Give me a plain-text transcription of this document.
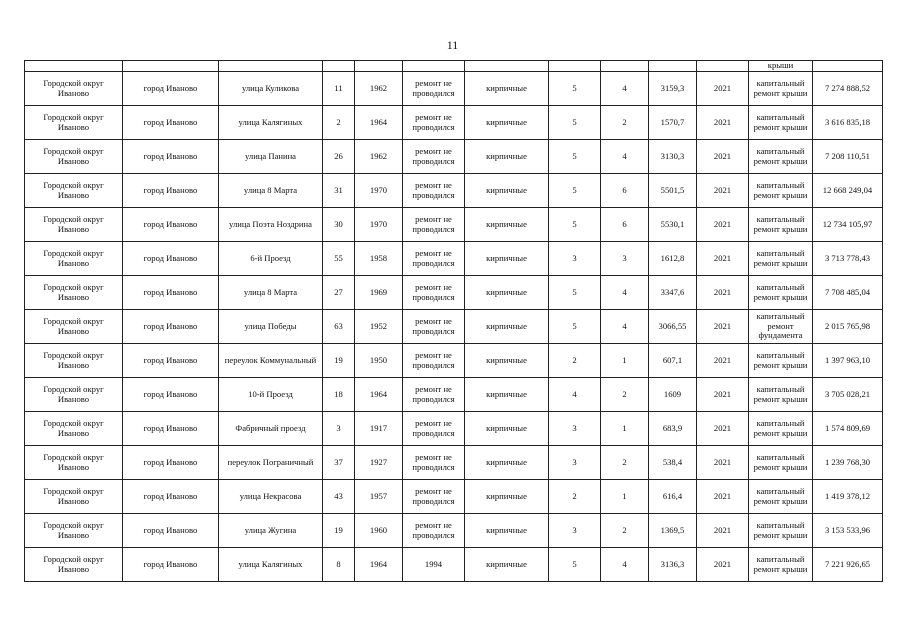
11
											крыши	
Городской округ Иваново	город Иваново	улица Куликова	11	1962	ремонт не проводился	кирпичные	5	4	3159,3	2021	капитальный ремонт крыши	7 274 888,52
Городской округ Иваново	город Иваново	улица Калягиных	2	1964	ремонт не проводился	кирпичные	5	2	1570,7	2021	капитальный ремонт крыши	3 616 835,18
Городской округ Иваново	город Иваново	улица Панина	26	1962	ремонт не проводился	кирпичные	5	4	3130,3	2021	капитальный ремонт крыши	7 208 110,51
Городской округ Иваново	город Иваново	улица 8 Марта	31	1970	ремонт не проводился	кирпичные	5	6	5501,5	2021	капитальный ремонт крыши	12 668 249,04
Городской округ Иваново	город Иваново	улица Поэта Ноздрина	30	1970	ремонт не проводился	кирпичные	5	6	5530,1	2021	капитальный ремонт крыши	12 734 105,97
Городской округ Иваново	город Иваново	6-й Проезд	55	1958	ремонт не проводился	кирпичные	3	3	1612,8	2021	капитальный ремонт крыши	3 713 778,43
Городской округ Иваново	город Иваново	улица 8 Марта	27	1969	ремонт не проводился	кирпичные	5	4	3347,6	2021	капитальный ремонт крыши	7 708 485,04
Городской округ Иваново	город Иваново	улица Победы	63	1952	ремонт не проводился	кирпичные	5	4	3066,55	2021	капитальный ремонт фундамента	2 015 765,98
Городской округ Иваново	город Иваново	переулок Коммунальный	19	1950	ремонт не проводился	кирпичные	2	1	607,1	2021	капитальный ремонт крыши	1 397 963,10
Городской округ Иваново	город Иваново	10-й Проезд	18	1964	ремонт не проводился	кирпичные	4	2	1609	2021	капитальный ремонт крыши	3 705 028,21
Городской округ Иваново	город Иваново	Фабричный проезд	3	1917	ремонт не проводился	кирпичные	3	1	683,9	2021	капитальный ремонт крыши	1 574 809,69
Городской округ Иваново	город Иваново	переулок Пограничный	37	1927	ремонт не проводился	кирпичные	3	2	538,4	2021	капитальный ремонт крыши	1 239 768,30
Городской округ Иваново	город Иваново	улица Некрасова	43	1957	ремонт не проводился	кирпичные	2	1	616,4	2021	капитальный ремонт крыши	1 419 378,12
Городской округ Иваново	город Иваново	улица Жугина	19	1960	ремонт не проводился	кирпичные	3	2	1369,5	2021	капитальный ремонт крыши	3 153 533,96
Городской округ Иваново	город Иваново	улица Калягиных	8	1964	1994	кирпичные	5	4	3136,3	2021	капитальный ремонт крыши	7 221 926,65
